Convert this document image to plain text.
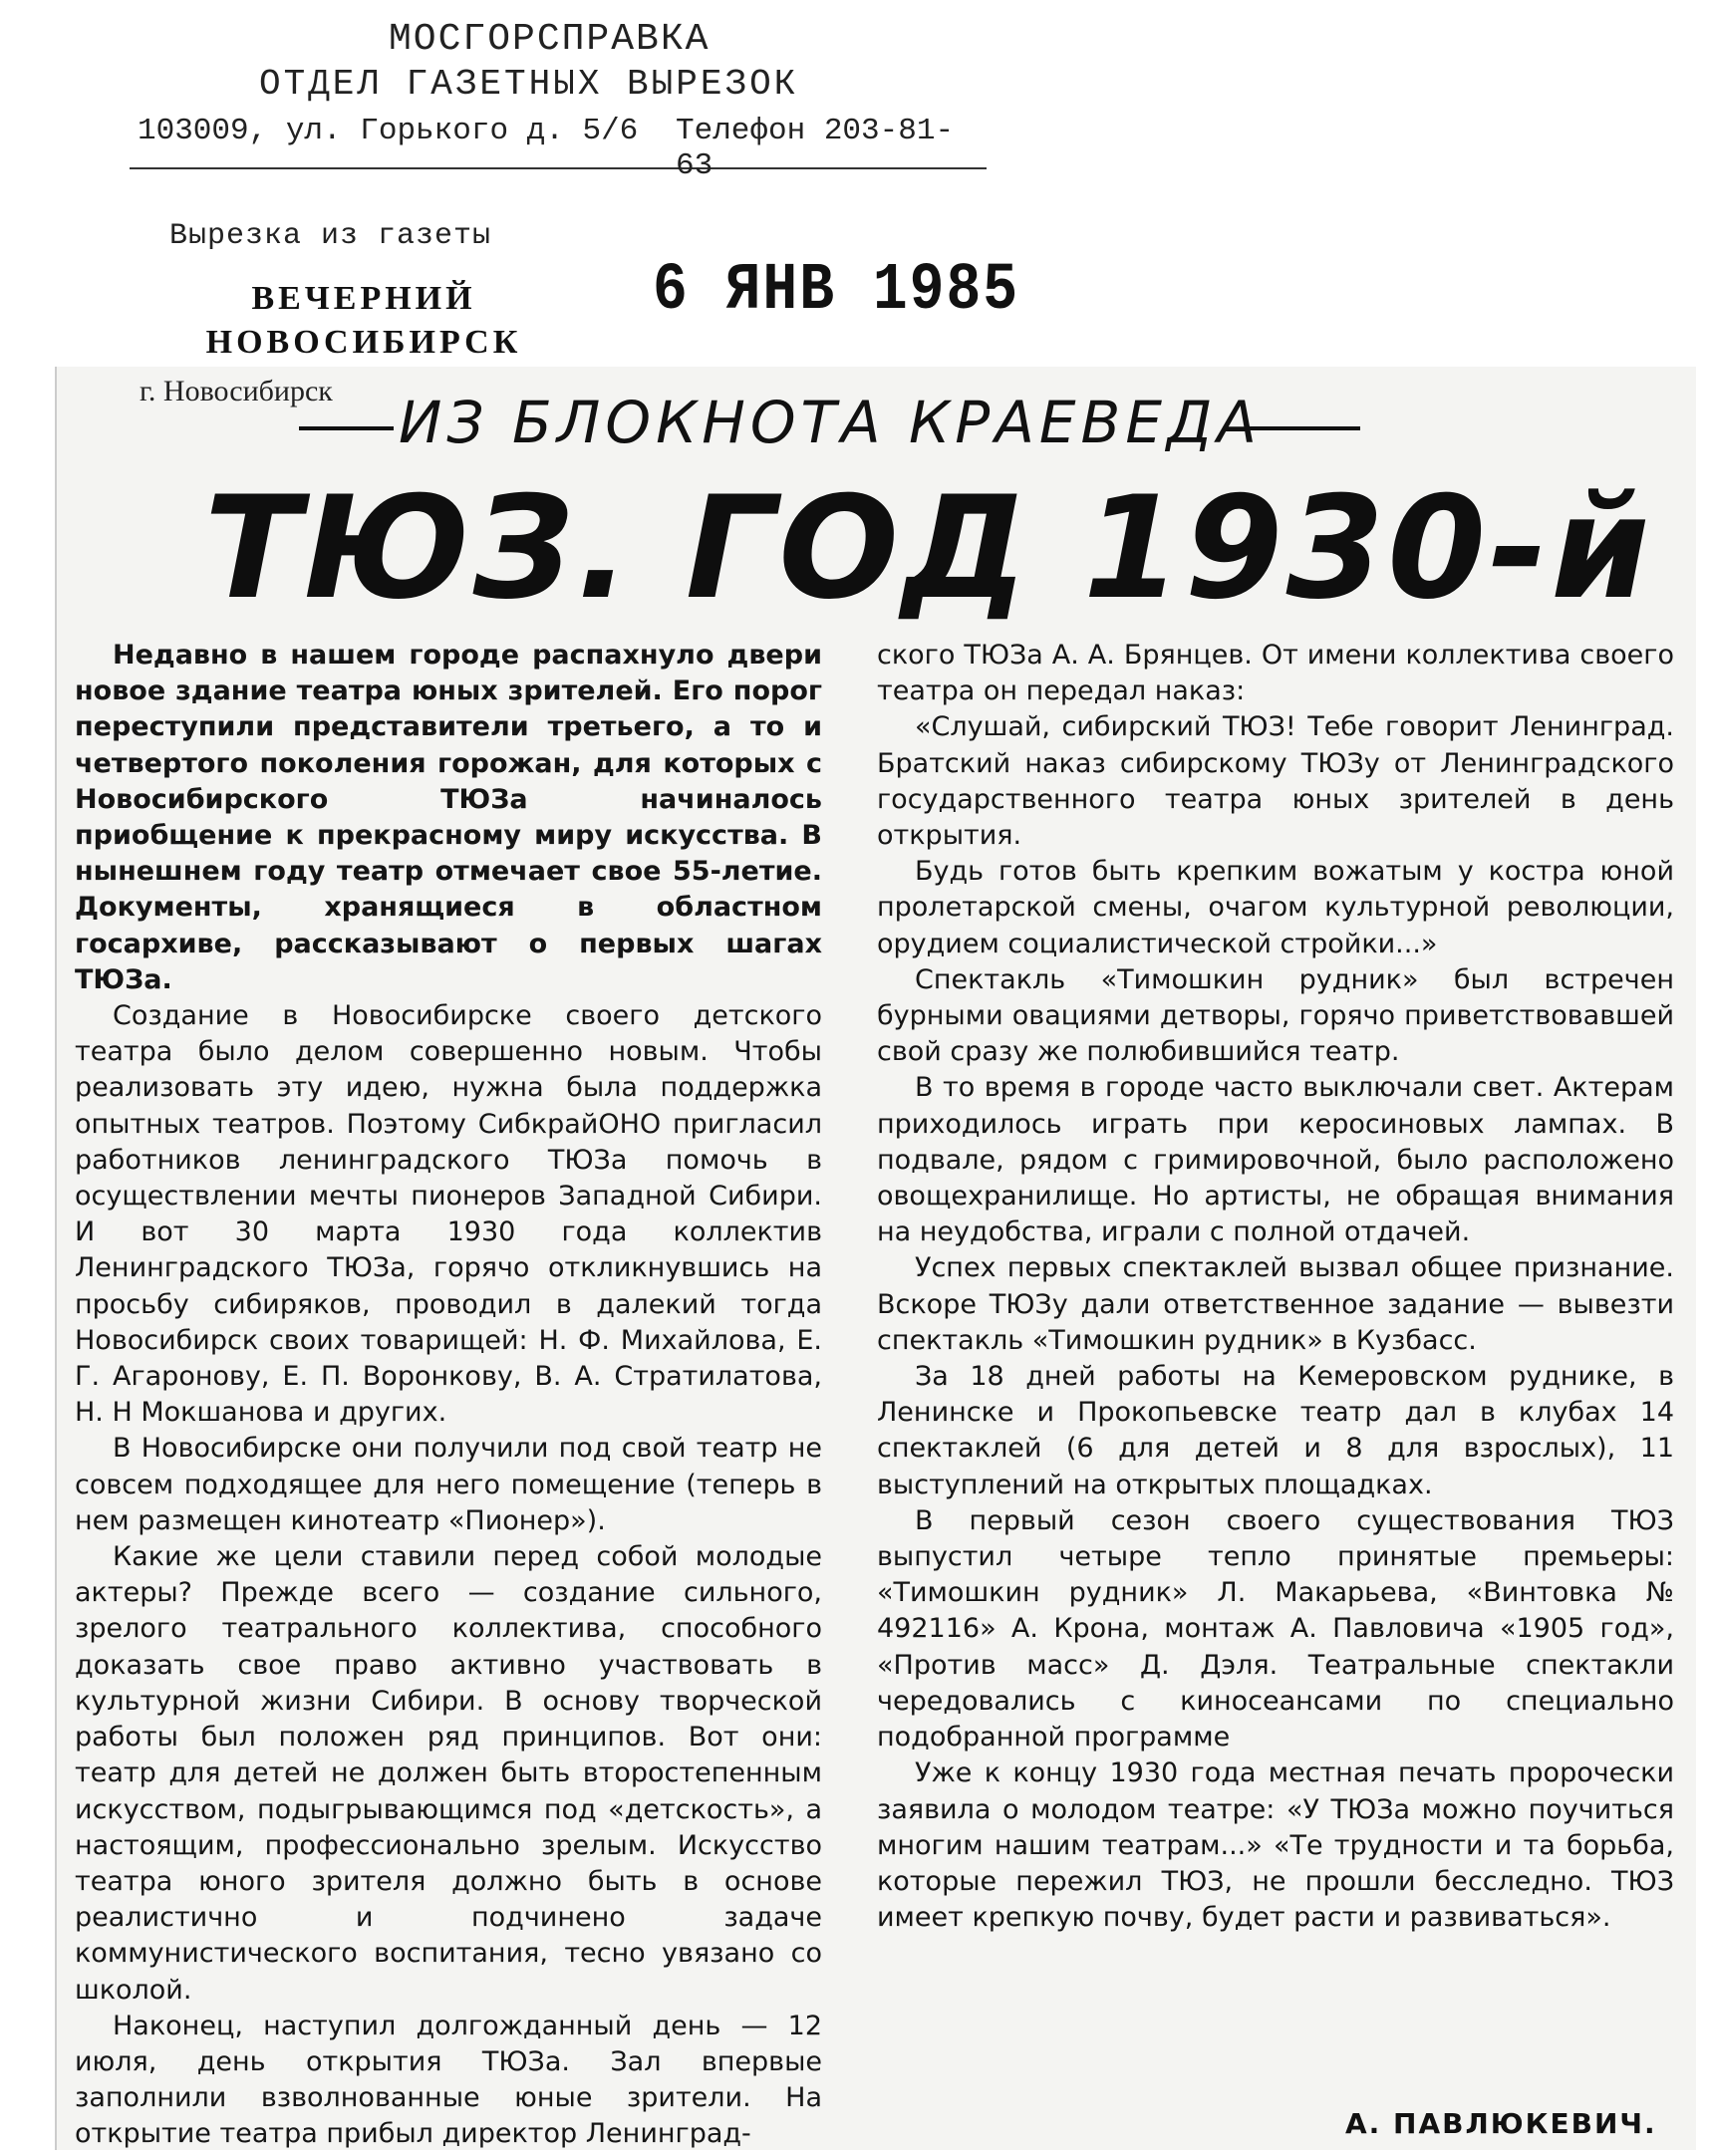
МОСГОРСПРАВКА
ОТДЕЛ ГАЗЕТНЫХ ВЫРЕЗОК
103009, ул. Горького д. 5/6 Телефон 203-81-63
Вырезка из газеты
ВЕЧЕРНИЙ
НОВОСИБИРСК
6 ЯНВ 1985
г. Новосибирск ИЗ БЛОКНОТА КРАЕВЕДА
ТЮЗ. ГОД 1930-й

Недавно в нашем городе распахнуло двери новое здание театра юных зрителей. Его порог переступили представители третьего, а то и четвертого поколения горожан, для которых с Новосибирского ТЮЗа начиналось приобщение к прекрасному миру искусства. В нынешнем году театр отмечает свое 55-летие. Документы, хранящиеся в областном госархиве, рассказывают о первых шагах ТЮЗа.

Создание в Новосибирске своего детского театра было делом совершенно новым. Чтобы реализовать эту идею, нужна была поддержка опытных театров. Поэтому СибкрайОНО пригласил работников ленинградского ТЮЗа помочь в осуществлении мечты пионеров Западной Сибири. И вот 30 марта 1930 года коллектив Ленинградского ТЮЗа, горячо откликнувшись на просьбу сибиряков, проводил в далекий тогда Новосибирск своих товарищей: Н. Ф. Михайлова, Е. Г. Агаронову, Е. П. Воронкову, В. А. Стратилатова, Н. Н Мокшанова и других.

В Новосибирске они получили под свой театр не совсем подходящее для него помещение (теперь в нем размещен кинотеатр «Пионер»).

Какие же цели ставили перед собой молодые актеры? Прежде всего — создание сильного, зрелого театрального коллектива, способного доказать свое право активно участвовать в культурной жизни Сибири. В основу творческой работы был положен ряд принципов. Вот они: театр для детей не должен быть второстепенным искусством, подыгрывающимся под «детскость», а настоящим, профессионально зрелым. Искусство театра юного зрителя должно быть в основе реалистично и подчинено задаче коммунистического воспитания, тесно увязано со школой.

Наконец, наступил долгожданный день — 12 июля, день открытия ТЮЗа. Зал впервые заполнили взволнованные юные зрители. На открытие театра прибыл директор Ленинград-

ского ТЮЗа А. А. Брянцев. От имени коллектива своего театра он передал наказ:

«Слушай, сибирский ТЮЗ! Тебе говорит Ленинград. Братский наказ сибирскому ТЮЗу от Ленинградского государственного театра юных зрителей в день открытия.

Будь готов быть крепким вожатым у костра юной пролетарской смены, очагом культурной революции, орудием социалистической стройки...»

Спектакль «Тимошкин рудник» был встречен бурными овациями детворы, горячо приветствовавшей свой сразу же полюбившийся театр.

В то время в городе часто выключали свет. Актерам приходилось играть при керосиновых лампах. В подвале, рядом с гримировочной, было расположено овощехранилище. Но артисты, не обращая внимания на неудобства, играли с полной отдачей.

Успех первых спектаклей вызвал общее признание. Вскоре ТЮЗу дали ответственное задание — вывезти спектакль «Тимошкин рудник» в Кузбасс.

За 18 дней работы на Кемеровском руднике, в Ленинске и Прокопьевске театр дал в клубах 14 спектаклей (6 для детей и 8 для взрослых), 11 выступлений на открытых площадках.

В первый сезон своего существования ТЮЗ выпустил четыре тепло принятые премьеры: «Тимошкин рудник» Л. Макарьева, «Винтовка № 492116» А. Крона, монтаж А. Павловича «1905 год», «Против масс» Д. Дэля. Театральные спектакли чередовались с киносеансами по специально подобранной программе

Уже к концу 1930 года местная печать пророчески заявила о молодом театре: «У ТЮЗа можно поучиться многим нашим театрам...» «Те трудности и та борьба, которые пережил ТЮЗ, не прошли бесследно. ТЮЗ имеет крепкую почву, будет расти и развиваться».

А. ПАВЛЮКЕВИЧ.
